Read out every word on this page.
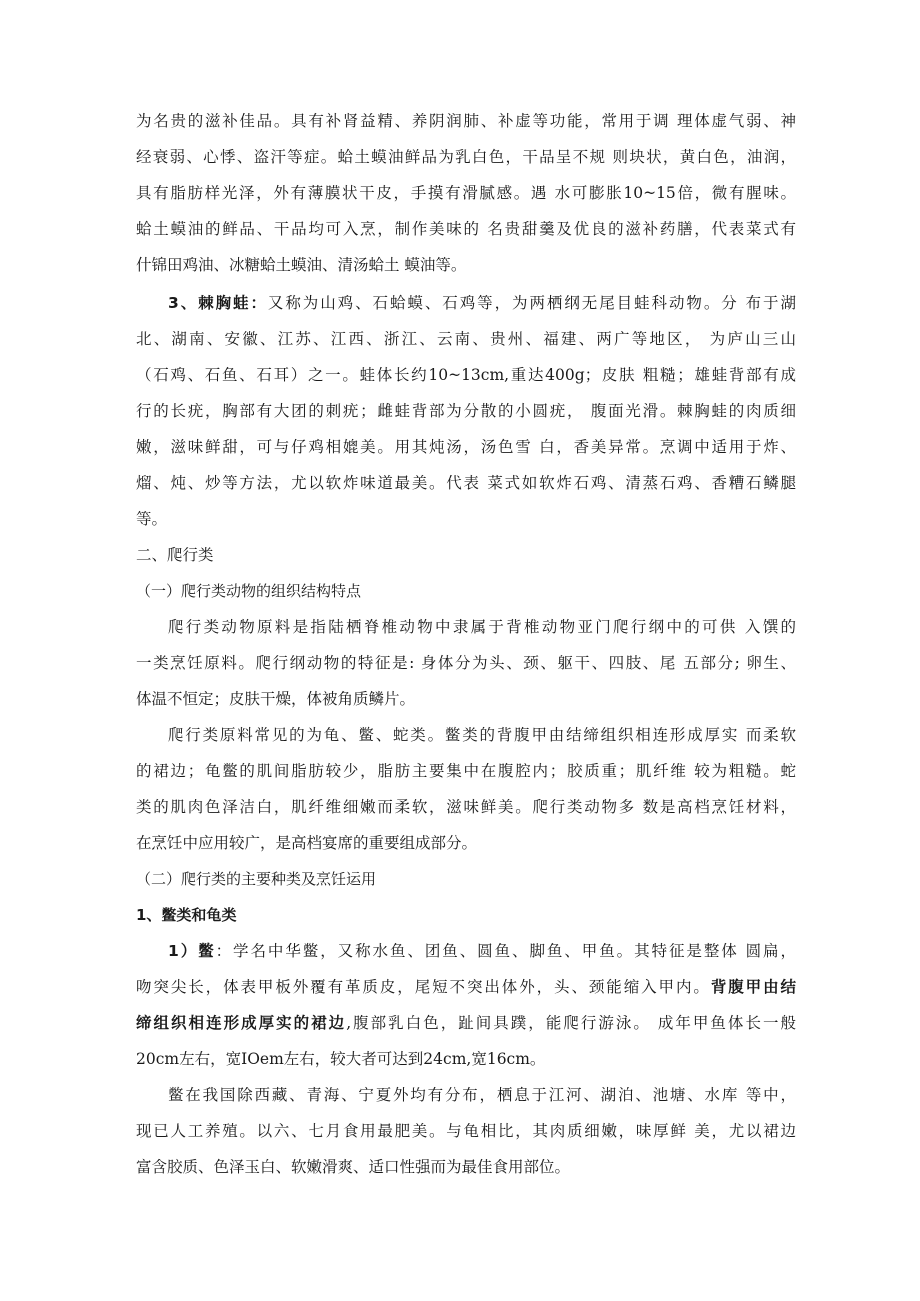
为名贵的滋补佳品。具有补肾益精、养阴润肺、补虚等功能，常用于调 理体虚气弱、神
经衰弱、心悸、盗汗等症。蛤土蟆油鲜品为乳白色，干品呈不规 则块状，黄白色，油润，
具有脂肪样光泽，外有薄膜状干皮，手摸有滑腻感。遇 水可膨胀10~15倍，微有腥味。
蛤土蟆油的鲜品、干品均可入烹，制作美味的 名贵甜羹及优良的滋补药膳，代表菜式有
什锦田鸡油、冰糖蛤土蟆油、清汤蛤土 蟆油等。
3、棘胸蛙：又称为山鸡、石蛤蟆、石鸡等，为两栖纲无尾目蛙科动物。分 布于湖
北、湖南、安徽、江苏、江西、浙江、云南、贵州、福建、两广等地区， 为庐山三山
（石鸡、石鱼、石耳）之一。蛙体长约10~13cm,重达400g；皮肤 粗糙；雄蛙背部有成
行的长疣，胸部有大团的刺疣；雌蛙背部为分散的小圆疣， 腹面光滑。棘胸蛙的肉质细
嫩，滋味鲜甜，可与仔鸡相媲美。用其炖汤，汤色雪 白，香美异常。烹调中适用于炸、
熘、炖、炒等方法，尤以软炸味道最美。代表 菜式如软炸石鸡、清蒸石鸡、香糟石鳞腿
等。
二、爬行类
（一）爬行类动物的组织结构特点
爬行类动物原料是指陆栖脊椎动物中隶属于背椎动物亚门爬行纲中的可供 入馔的
一类烹饪原料。爬行纲动物的特征是: 身体分为头、颈、躯干、四肢、尾 五部分; 卵生、
体温不恒定；皮肤干燥，体被角质鳞片。
爬行类原料常见的为龟、鳖、蛇类。鳖类的背腹甲由结缔组织相连形成厚实 而柔软
的裙边；龟鳖的肌间脂肪较少，脂肪主要集中在腹腔内；胶质重；肌纤维 较为粗糙。蛇
类的肌肉色泽洁白，肌纤维细嫩而柔软，滋味鲜美。爬行类动物多 数是高档烹饪材料，
在烹饪中应用较广，是高档宴席的重要组成部分。
（二）爬行类的主要种类及烹饪运用
1、鳖类和龟类
1）鳖：学名中华鳖，又称水鱼、团鱼、圆鱼、脚鱼、甲鱼。其特征是整体 圆扁，
吻突尖长，体表甲板外覆有革质皮，尾短不突出体外，头、颈能缩入甲内。背腹甲由结
缔组织相连形成厚实的裙边,腹部乳白色，趾间具蹼，能爬行游泳。 成年甲鱼体长一般
20cm左右，宽IOem左右，较大者可达到24cm,宽16cm。
鳖在我国除西藏、青海、宁夏外均有分布，栖息于江河、湖泊、池塘、水库 等中，
现已人工养殖。以六、七月食用最肥美。与龟相比，其肉质细嫩，味厚鲜 美，尤以裙边
富含胶质、色泽玉白、软嫩滑爽、适口性强而为最佳食用部位。
